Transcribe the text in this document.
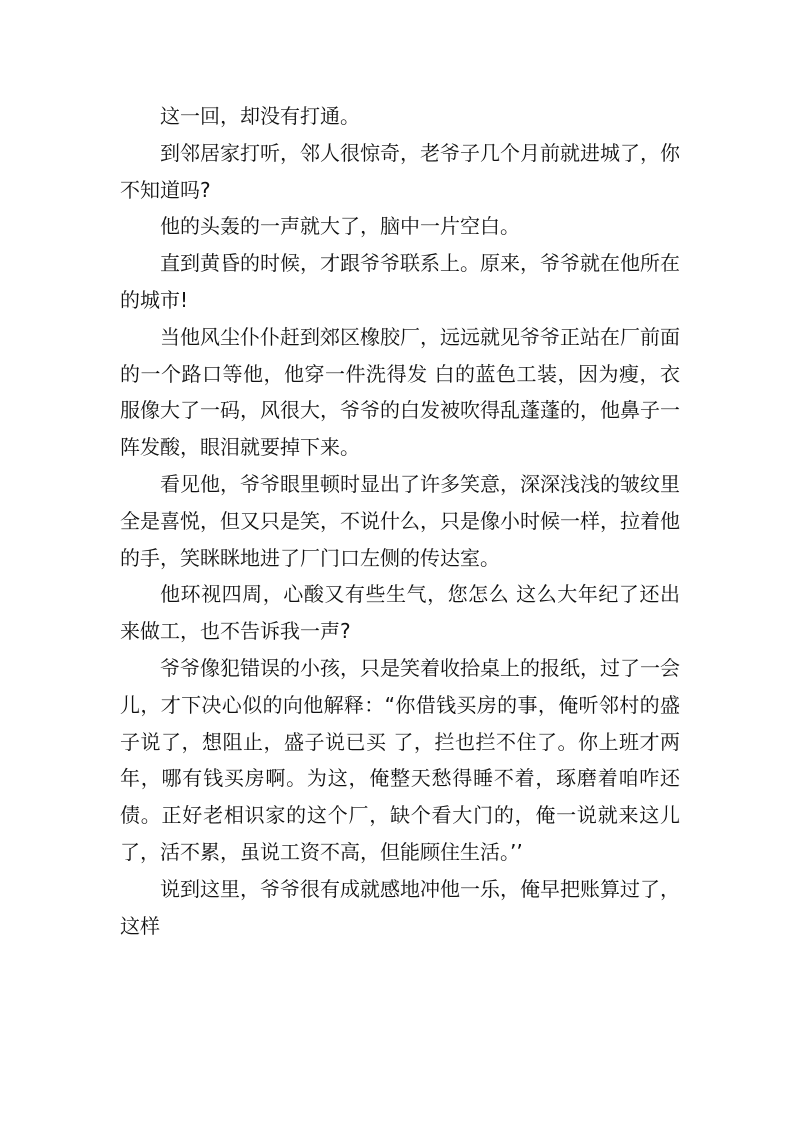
这一回，却没有打通。

到邻居家打听，邻人很惊奇，老爷子几个月前就进城了，你不知道吗?

他的头轰的一声就大了，脑中一片空白。

直到黄昏的时候，才跟爷爷联系上。原来，爷爷就在他所在的城市!

当他风尘仆仆赶到郊区橡胶厂，远远就见爷爷正站在厂前面的一个路口等他，他穿一件洗得发 白的蓝色工装，因为瘦，衣服像大了一码，风很大，爷爷的白发被吹得乱蓬蓬的，他鼻子一阵发酸，眼泪就要掉下来。

看见他，爷爷眼里顿时显出了许多笑意，深深浅浅的皱纹里全是喜悦，但又只是笑，不说什么，只是像小时候一样，拉着他的手，笑眯眯地进了厂门口左侧的传达室。

他环视四周，心酸又有些生气，您怎么 这么大年纪了还出来做工，也不告诉我一声?

爷爷像犯错误的小孩，只是笑着收拾桌上的报纸，过了一会儿，才下决心似的向他解释：“你借钱买房的事，俺听邻村的盛子说了，想阻止，盛子说已买 了，拦也拦不住了。你上班才两年，哪有钱买房啊。为这，俺整天愁得睡不着，琢磨着咱咋还债。正好老相识家的这个厂，缺个看大门的，俺一说就来这儿了，活不累，虽说工资不高，但能顾住生活。’’

说到这里，爷爷很有成就感地冲他一乐，俺早把账算过了，这样
